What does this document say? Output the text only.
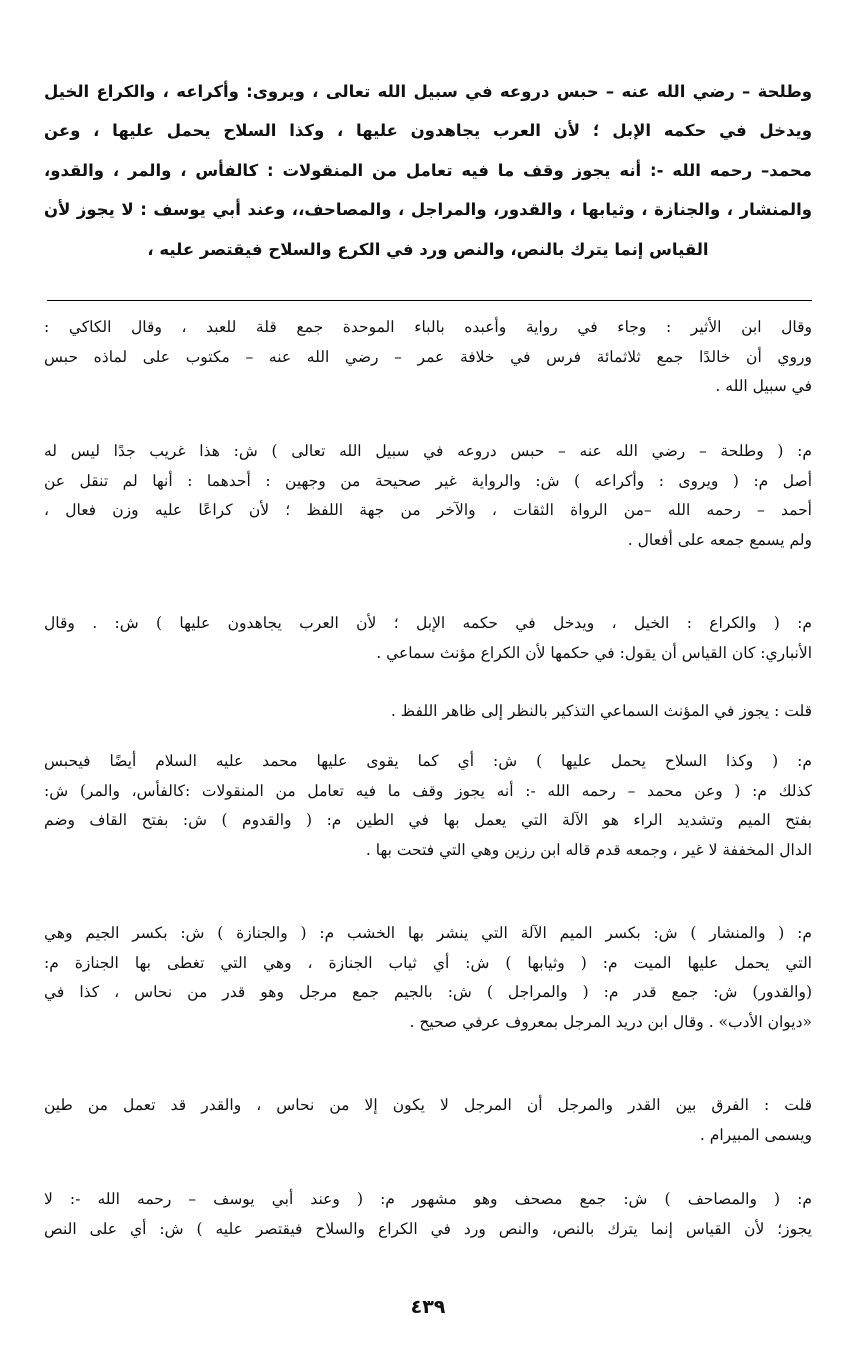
وطلحة – رضي الله عنه – حبس دروعه في سبيل الله تعالى ، ويروى: وأكراعه ، والكراع الخيل
ويدخل في حكمه الإبل ؛ لأن العرب يجاهدون عليها ، وكذا السلاح يحمل عليها ، وعن
محمد– رحمه الله -: أنه يجوز وقف ما فيه تعامل من المنقولات : كالفأس ، والمر ، والقدو،
والمنشار ، والجنازة ، وثيابها ، والقدور، والمراجل ، والمصاحف،، وعند أبي يوسف : لا يجوز لأن
القياس إنما يترك بالنص، والنص ورد في الكرع والسلاح فيقتصر عليه ،
وقال ابن الأثير : وجاء في رواية وأعبده بالباء الموحدة جمع قلة للعبد ، وقال الكاكي :
وروي أن خالدًا جمع ثلاثمائة فرس في خلافة عمر – رضي الله عنه – مكتوب على لماذه حبس
في سبيل الله .
م: ( وطلحة – رضي الله عنه – حبس دروعه في سبيل الله تعالى ) ش: هذا غريب جدًا ليس له
أصل م: ( ويروى : وأكراعه ) ش: والرواية غير صحيحة من وجهين : أحدهما : أنها لم تنقل عن
أحمد – رحمه الله –من الرواة الثقات ، والآخر من جهة اللفظ ؛ لأن كراعًا عليه وزن فعال ،
ولم يسمع جمعه على أفعال .
م: ( والكراع : الخيل ، ويدخل في حكمه الإبل ؛ لأن العرب يجاهدون عليها ) ش: . وقال
الأنباري: كان القياس أن يقول: في حكمها لأن الكراع مؤنث سماعي .
قلت : يجوز في المؤنث السماعي التذكير بالنظر إلى ظاهر اللفظ .
م: ( وكذا السلاح يحمل عليها ) ش: أي كما يقوى عليها محمد عليه السلام أيضًا فيحبس
كذلك م: ( وعن محمد – رحمه الله -: أنه يجوز وقف ما فيه تعامل من المنقولات :كالفأس، والمر) ش:
بفتح الميم وتشديد الراء هو الآلة التي يعمل بها في الطين م: ( والقدوم ) ش: بفتح القاف وضم
الدال المخففة لا غير ، وجمعه قدم قاله ابن رزين وهي التي فتحت بها .
م: ( والمنشار ) ش: بكسر الميم الآلة التي ينشر بها الخشب م: ( والجنازة ) ش: بكسر الجيم وهي
التي يحمل عليها الميت م: ( وثيابها ) ش: أي ثياب الجنازة ، وهي التي تغطى بها الجنازة م:
(والقدور) ش: جمع قدر م: ( والمراجل ) ش: بالجيم جمع مرجل وهو قدر من نحاس ، كذا في
«ديوان الأدب» . وقال ابن دريد المرجل بمعروف عرفي صحيح .
قلت : الفرق بين القدر والمرجل أن المرجل لا يكون إلا من نحاس ، والقدر قد تعمل من طين
ويسمى المبيرام .
م: ( والمصاحف ) ش: جمع مصحف وهو مشهور م: ( وعند أبي يوسف – رحمه الله -: لا
يجوز؛ لأن القياس إنما يترك بالنص، والنص ورد في الكراع والسلاح فيقتصر عليه ) ش: أي على النص
٤٣٩
